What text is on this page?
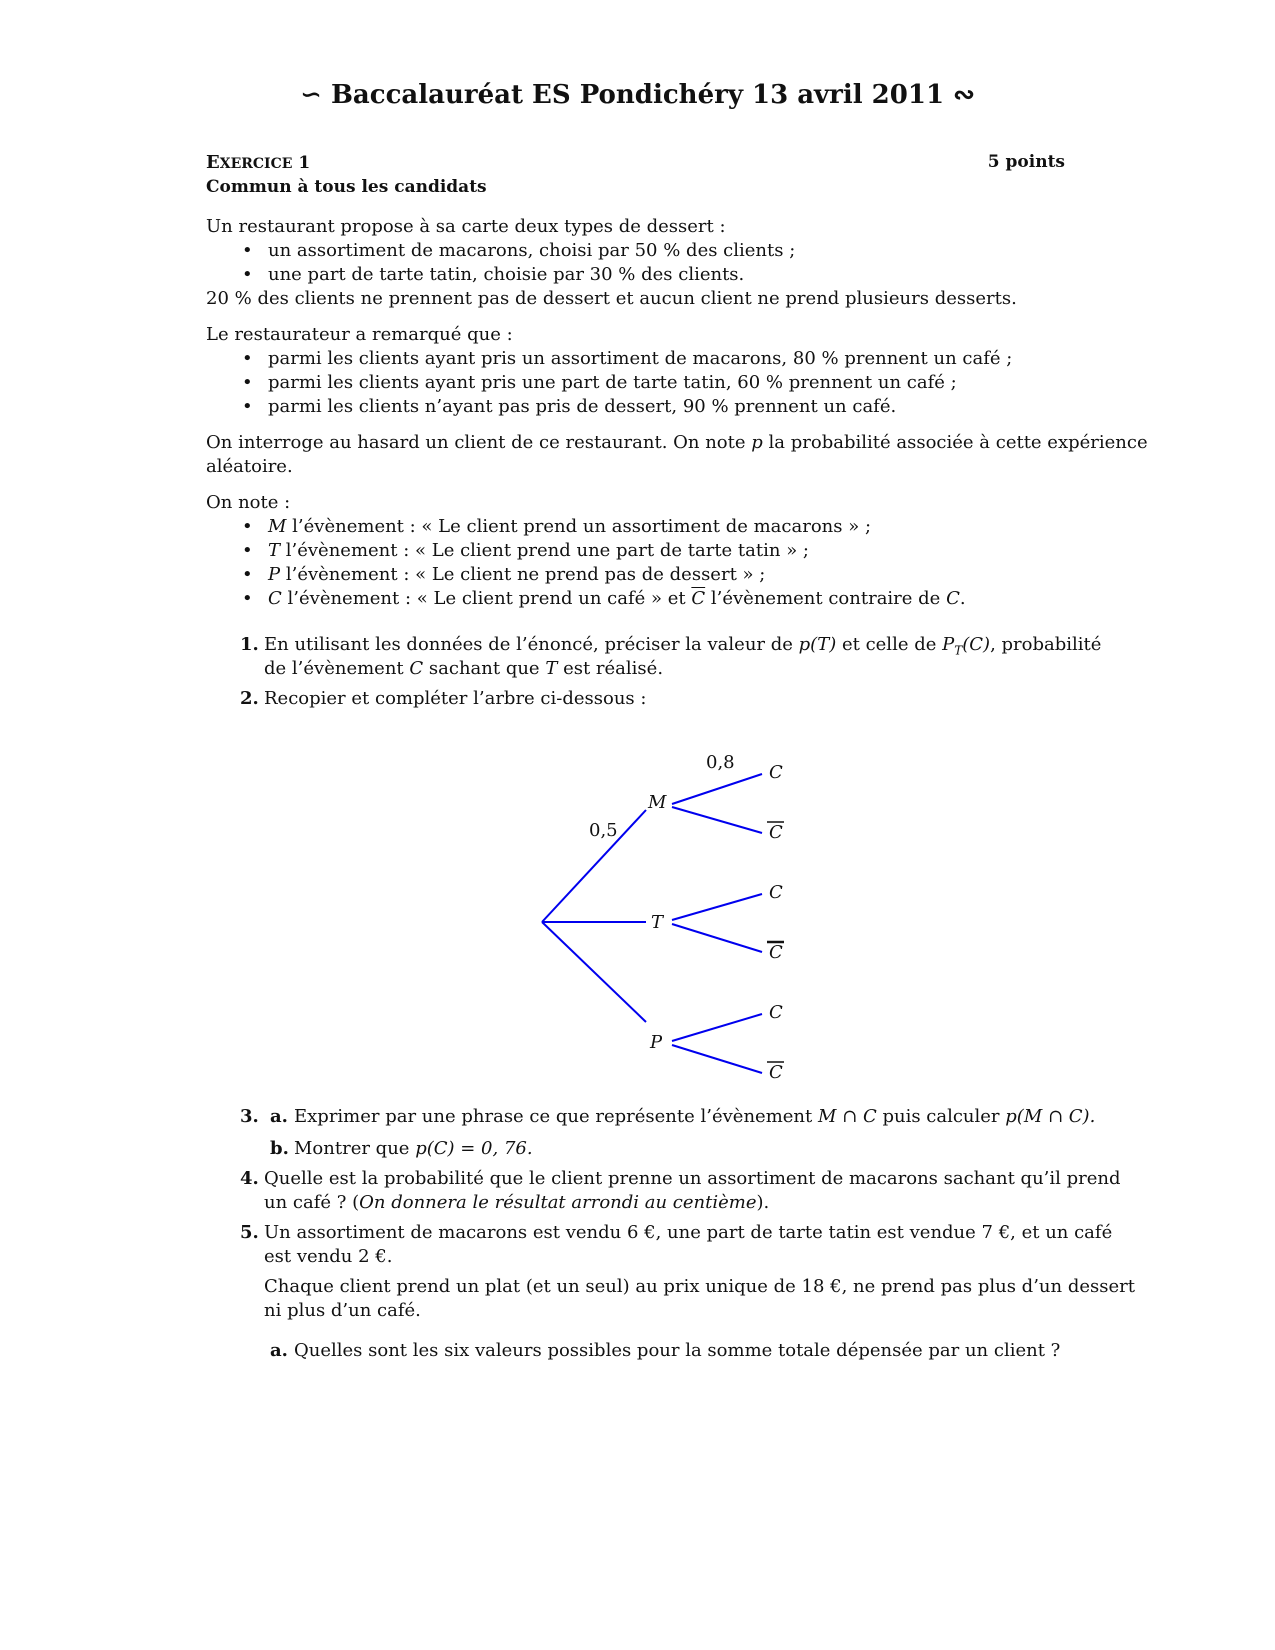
∽ Baccalauréat ES Pondichéry 13 avril 2011 ∾
EXERCICE 1	5 points
Commun à tous les candidats
Un restaurant propose à sa carte deux types de dessert :
• un assortiment de macarons, choisi par 50 % des clients ;
• une part de tarte tatin, choisie par 30 % des clients.
20 % des clients ne prennent pas de dessert et aucun client ne prend plusieurs desserts.
Le restaurateur a remarqué que :
• parmi les clients ayant pris un assortiment de macarons, 80 % prennent un café ;
• parmi les clients ayant pris une part de tarte tatin, 60 % prennent un café ;
• parmi les clients n’ayant pas pris de dessert, 90 % prennent un café.
On interroge au hasard un client de ce restaurant. On note p la probabilité associée à cette expérience
aléatoire.
On note :
• M l’évènement : « Le client prend un assortiment de macarons » ;
• T l’évènement : « Le client prend une part de tarte tatin » ;
• P l’évènement : « Le client ne prend pas de dessert » ;
• C l’évènement : « Le client prend un café » et $\overline{C}$ l’évènement contraire de C.
1. En utilisant les données de l’énoncé, préciser la valeur de p(T) et celle de $P_T(C)$, probabilité
de l’évènement C sachant que T est réalisé.
2. Recopier et compléter l’arbre ci-dessous :
0,5
0,8
M
T
P
C
C
C
C
C
C
3. a. Exprimer par une phrase ce que représente l’évènement M ∩ C puis calculer p(M ∩ C).
b. Montrer que p(C) = 0, 76.
4. Quelle est la probabilité que le client prenne un assortiment de macarons sachant qu’il prend
un café ? (On donnera le résultat arrondi au centième).
5. Un assortiment de macarons est vendu 6 €, une part de tarte tatin est vendue 7 €, et un café
est vendu 2 €.
Chaque client prend un plat (et un seul) au prix unique de 18 €, ne prend pas plus d’un dessert
ni plus d’un café.
a. Quelles sont les six valeurs possibles pour la somme totale dépensée par un client ?
